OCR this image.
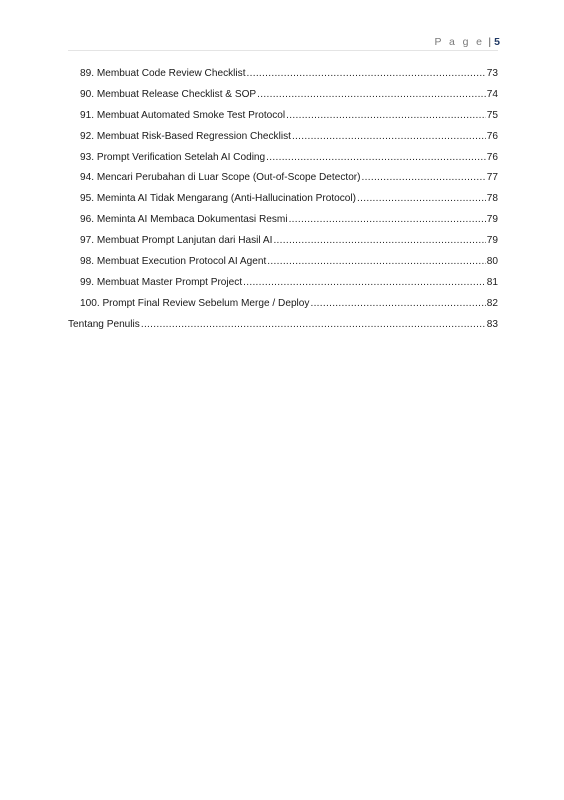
P a g e | 5
89. Membuat Code Review Checklist .....	73
90. Membuat Release Checklist & SOP .....	74
91. Membuat Automated Smoke Test Protocol .....	75
92. Membuat Risk-Based Regression Checklist .....	76
93. Prompt Verification Setelah AI Coding .....	76
94. Mencari Perubahan di Luar Scope (Out-of-Scope Detector) .....	77
95. Meminta AI Tidak Mengarang (Anti-Hallucination Protocol) .....	78
96. Meminta AI Membaca Dokumentasi Resmi .....	79
97. Membuat Prompt Lanjutan dari Hasil AI .....	79
98. Membuat Execution Protocol AI Agent .....	80
99. Membuat Master Prompt Project .....	81
100. Prompt Final Review Sebelum Merge / Deploy .....	82
Tentang Penulis .....	83
